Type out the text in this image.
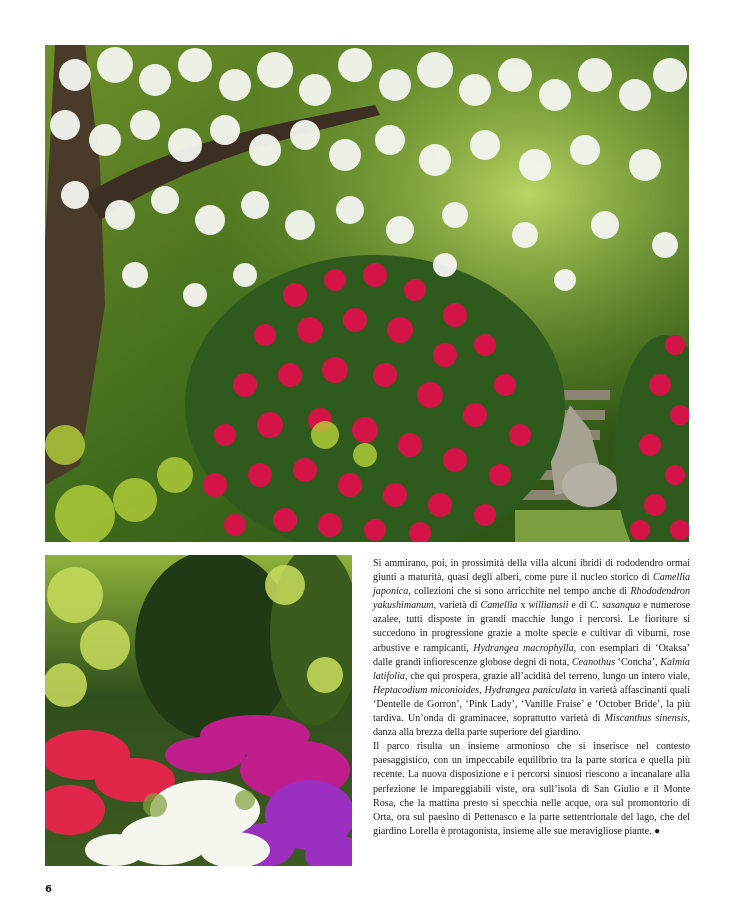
Si ammirano, poi, in prossimità della villa alcuni ibridi di rododendro ormai giunti a maturità, quasi degli alberi, come pure il nucleo storico di Camellia japonica, collezioni che si sono arricchite nel tempo anche di Rhododendron yakushimanum, varietà di Camellia x williamsii e di C. sasanqua e numerose azalee, tutti disposte in grandi macchie lungo i percorsi. Le fioriture si succedono in progressione grazie a molte specie e cultivar di viburni, rose arbustive e rampicanti, Hydrangea macrophylla, con esemplari di ‘Otaksa’ dalle grandi infiorescenze globose degni di nota, Ceanothus ‘Concha’, Kalmia latifolia, che qui prospera, grazie all’acidità del terreno, lungo un intero viale, Heptacodium miconioides, Hydrangea paniculata in varietà affascinanti quali ‘Dentelle de Gorron’, ‘Pink Lady’, ‘Vanille Fraise’ e ‘October Bride’, la più tardiva. Un’onda di graminacee, soprattutto varietà di Miscanthus sinensis, danza alla brezza della parte superiore del giardino.

Il parco risulta un insieme armonioso che si inserisce nel contesto paesaggistico, con un impeccabile equilibrio tra la parte storica e quella più recente. La nuova disposizione e i percorsi sinuosi riescono a incanalare alla perfezione le impareggiabili viste, ora sull’isola di San Giulio e il Monte Rosa, che la mattina presto si specchia nelle acque, ora sul promontorio di Orta, ora sul paesino di Pettenasco e la parte settentrionale del lago, che del giardino Lorella è protagonista, insieme alle sue meravigliose piante. ●

6
